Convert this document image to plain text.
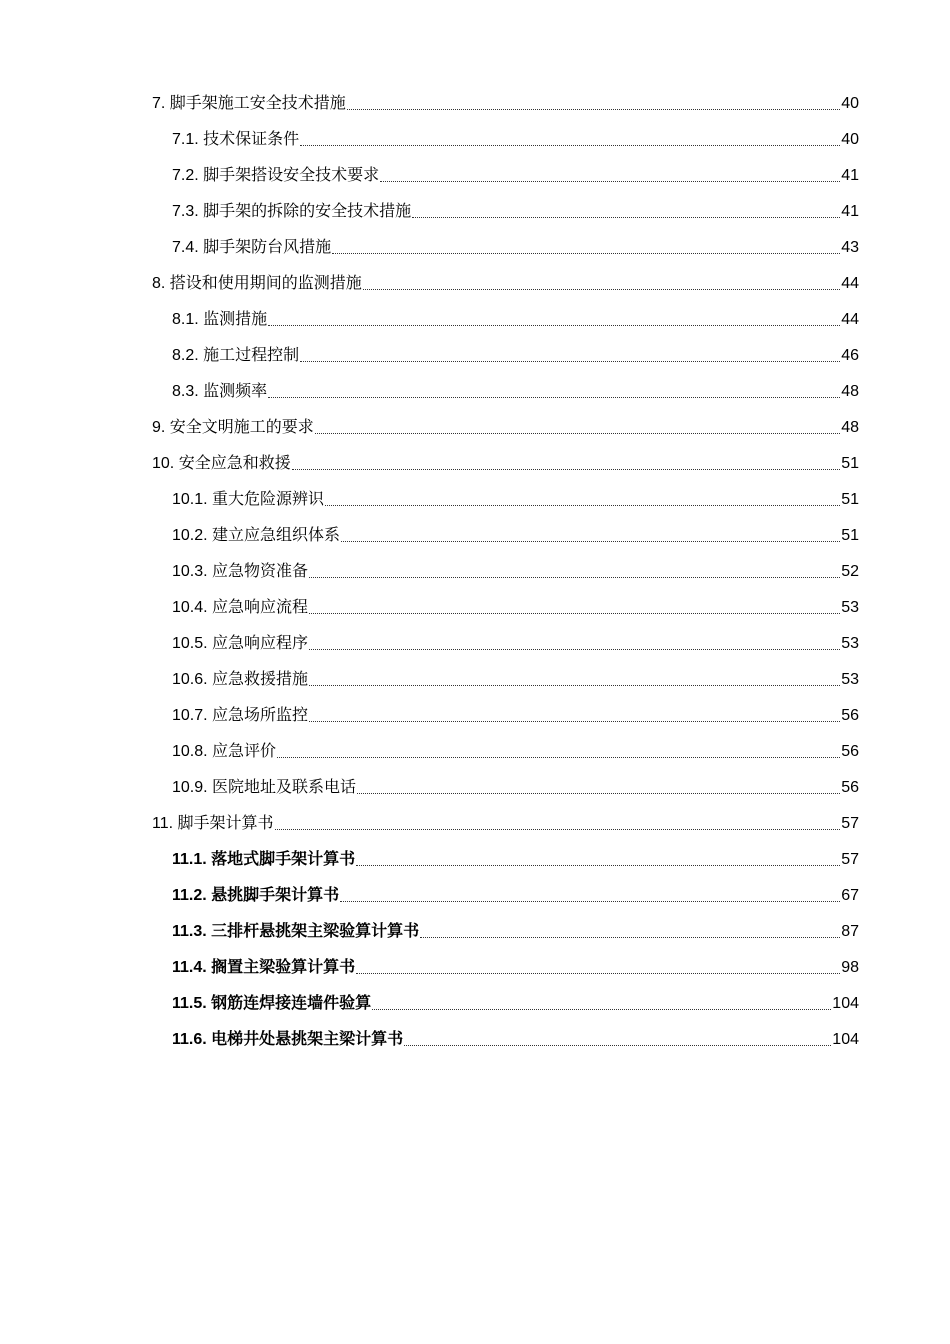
7. 脚手架施工安全技术措施	40
7.1. 技术保证条件	40
7.2. 脚手架搭设安全技术要求	41
7.3. 脚手架的拆除的安全技术措施	41
7.4. 脚手架防台风措施	43
8. 搭设和使用期间的监测措施	44
8.1. 监测措施	44
8.2. 施工过程控制	46
8.3. 监测频率	48
9. 安全文明施工的要求	48
10. 安全应急和救援	51
10.1. 重大危险源辨识	51
10.2. 建立应急组织体系	51
10.3. 应急物资准备	52
10.4. 应急响应流程	53
10.5. 应急响应程序	53
10.6. 应急救援措施	53
10.7. 应急场所监控	56
10.8. 应急评价	56
10.9. 医院地址及联系电话	56
11. 脚手架计算书	57
11.1. 落地式脚手架计算书	57
11.2. 悬挑脚手架计算书	67
11.3. 三排杆悬挑架主梁验算计算书	87
11.4. 搁置主梁验算计算书	98
11.5. 钢筋连焊接连墙件验算	104
11.6. 电梯井处悬挑架主梁计算书	104
